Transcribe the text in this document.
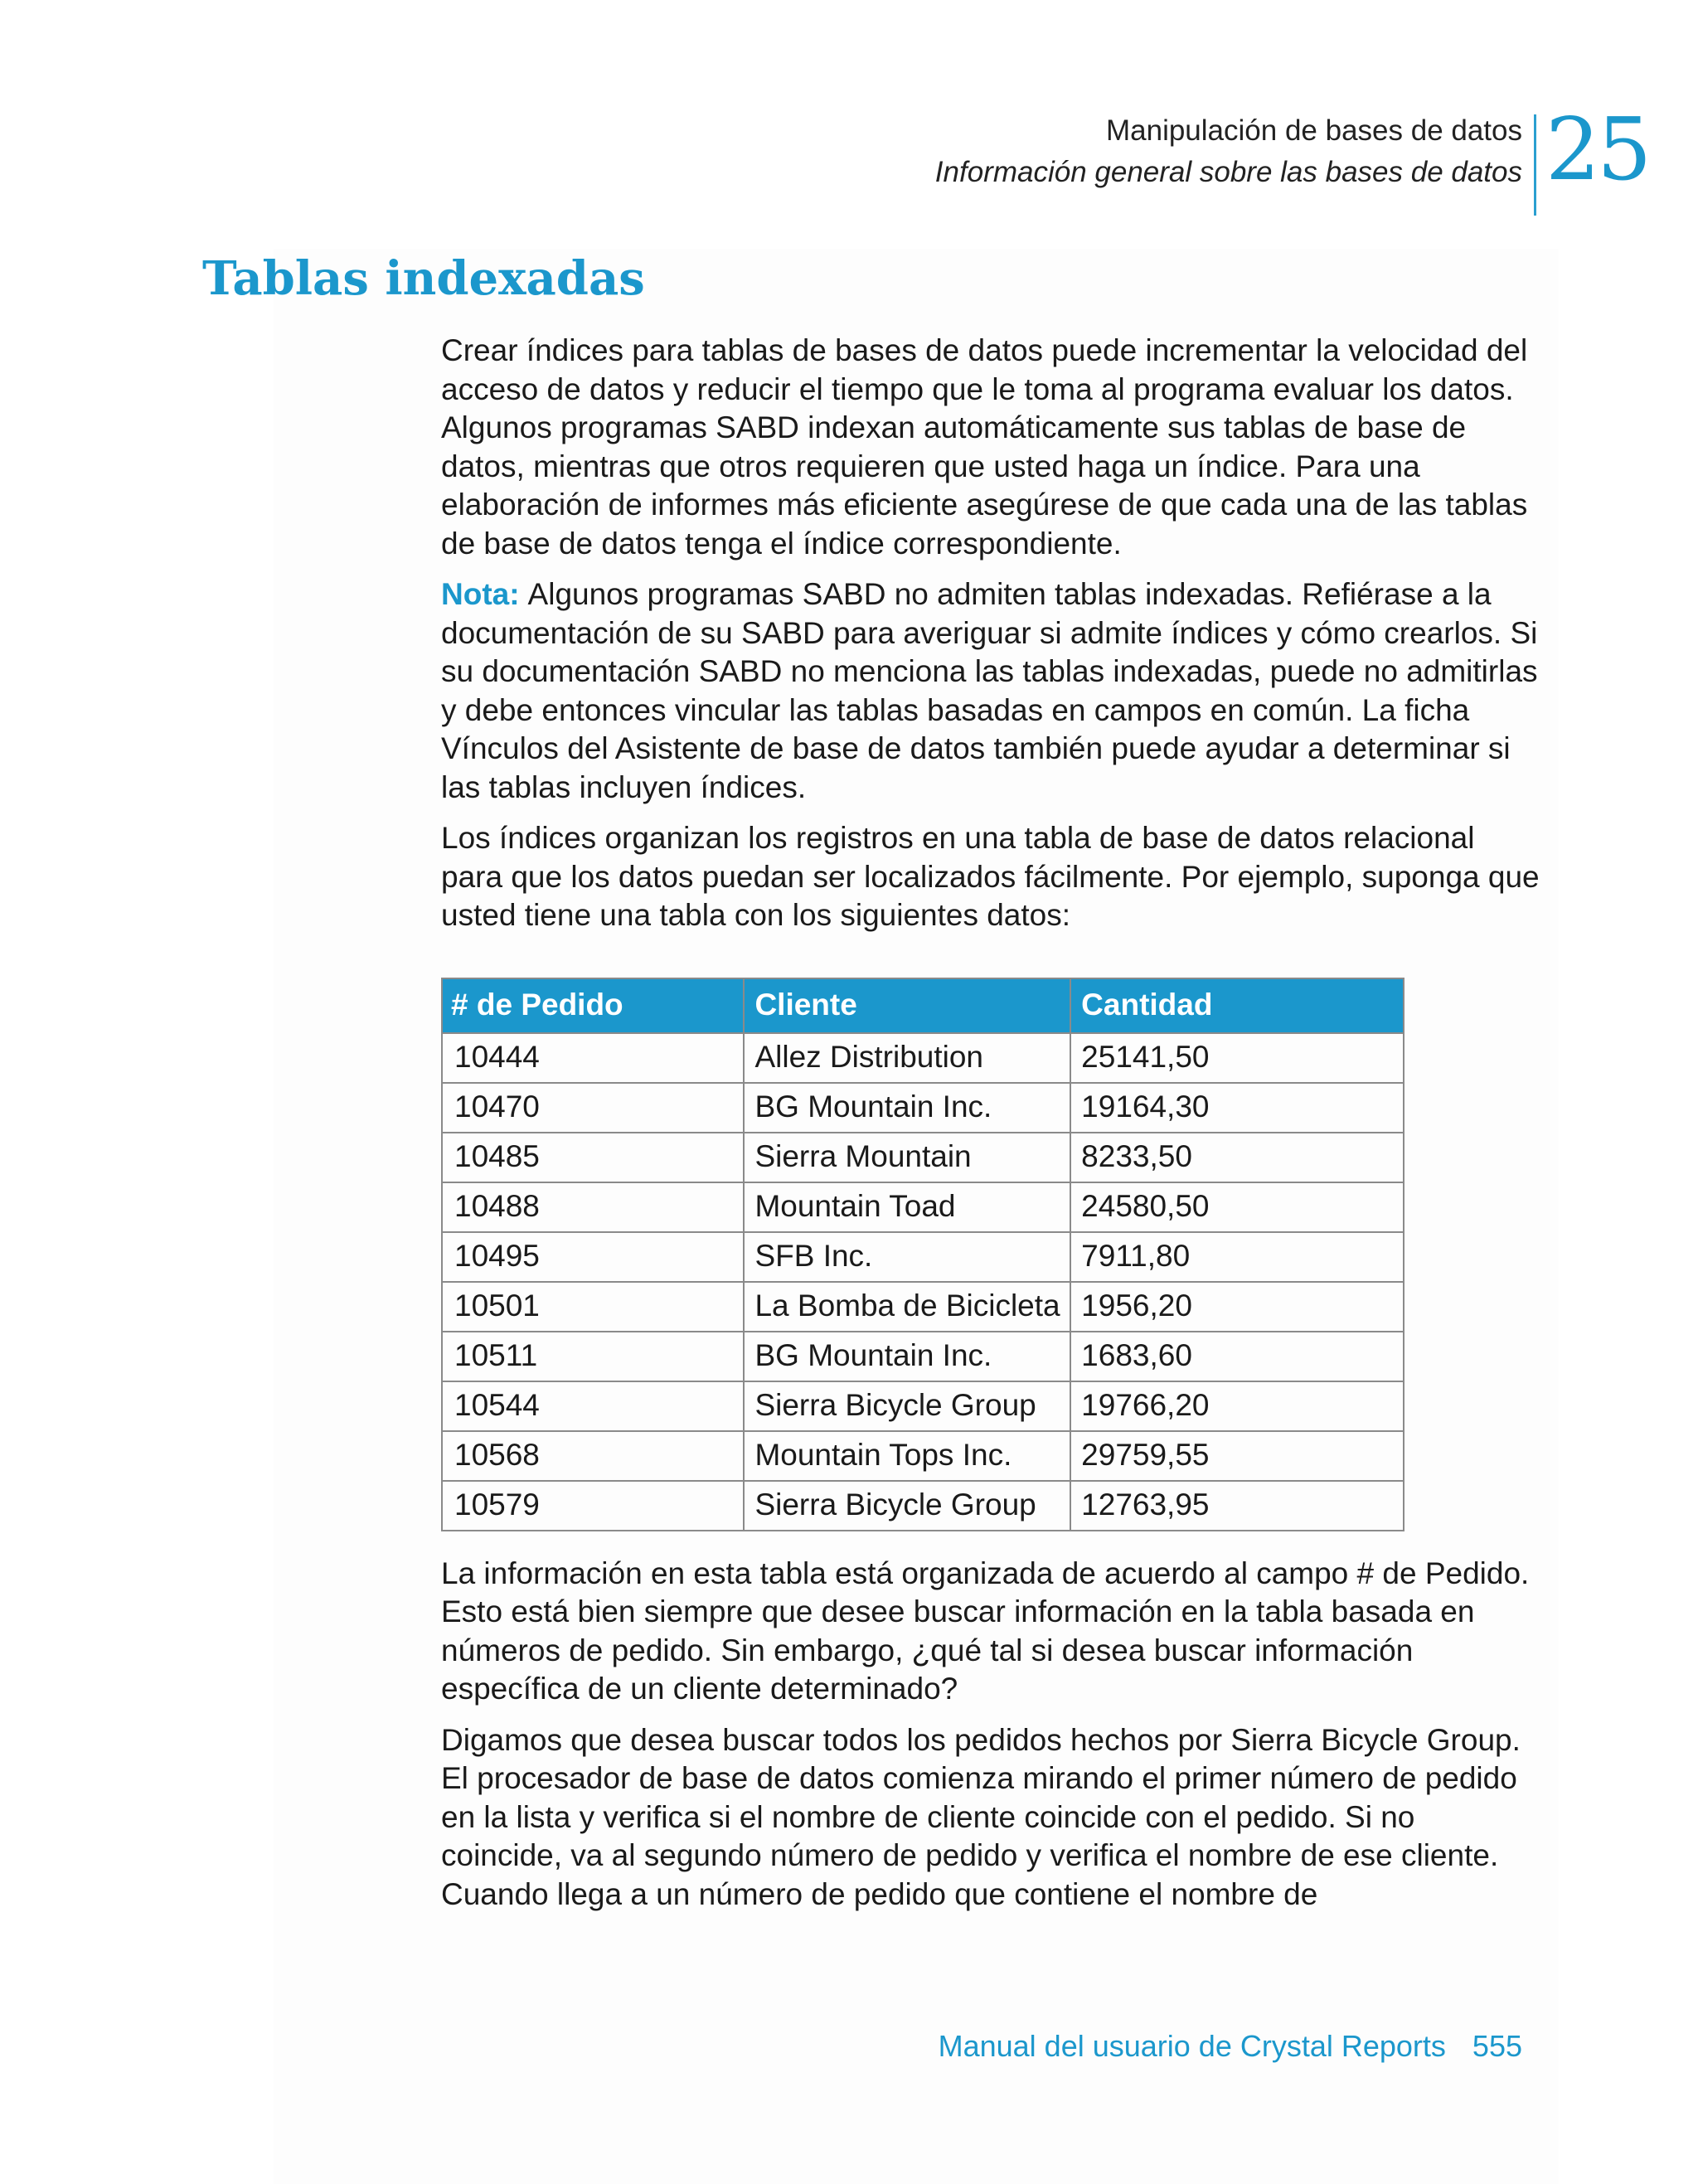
Manipulación de bases de datos
Información general sobre las bases de datos 25
Tablas indexadas

Crear índices para tablas de bases de datos puede incrementar la velocidad del acceso de datos y reducir el tiempo que le toma al programa evaluar los datos. Algunos programas SABD indexan automáticamente sus tablas de base de datos, mientras que otros requieren que usted haga un índice. Para una elaboración de informes más eficiente asegúrese de que cada una de las tablas de base de datos tenga el índice correspondiente.

Nota: Algunos programas SABD no admiten tablas indexadas. Refiérase a la documentación de su SABD para averiguar si admite índices y cómo crearlos. Si su documentación SABD no menciona las tablas indexadas, puede no admitirlas y debe entonces vincular las tablas basadas en campos en común. La ficha Vínculos del Asistente de base de datos también puede ayudar a determinar si las tablas incluyen índices.

Los índices organizan los registros en una tabla de base de datos relacional para que los datos puedan ser localizados fácilmente. Por ejemplo, suponga que usted tiene una tabla con los siguientes datos:

# de Pedido	Cliente	Cantidad
10444	Allez Distribution	25141,50
10470	BG Mountain Inc.	19164,30
10485	Sierra Mountain	8233,50
10488	Mountain Toad	24580,50
10495	SFB Inc.	7911,80
10501	La Bomba de Bicicleta	1956,20
10511	BG Mountain Inc.	1683,60
10544	Sierra Bicycle Group	19766,20
10568	Mountain Tops Inc.	29759,55
10579	Sierra Bicycle Group	12763,95

La información en esta tabla está organizada de acuerdo al campo # de Pedido. Esto está bien siempre que desee buscar información en la tabla basada en números de pedido. Sin embargo, ¿qué tal si desea buscar información específica de un cliente determinado?

Digamos que desea buscar todos los pedidos hechos por Sierra Bicycle Group. El procesador de base de datos comienza mirando el primer número de pedido en la lista y verifica si el nombre de cliente coincide con el pedido. Si no coincide, va al segundo número de pedido y verifica el nombre de ese cliente. Cuando llega a un número de pedido que contiene el nombre de

Manual del usuario de Crystal Reports 555
